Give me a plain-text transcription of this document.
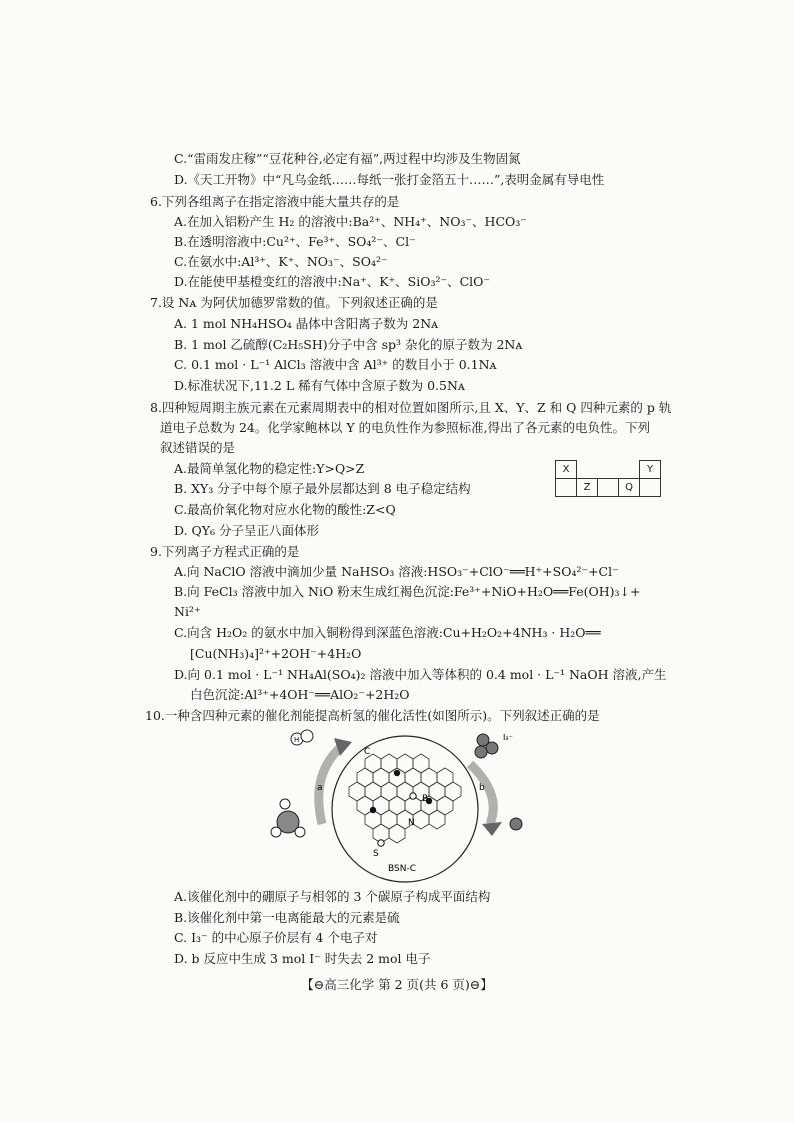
C.“雷雨发庄稼”“豆花种谷,必定有福”,两过程中均涉及生物固氮
D.《天工开物》中“凡乌金纸……每纸一张打金箔五十……”,表明金属有导电性
6.下列各组离子在指定溶液中能大量共存的是
A.在加入铝粉产生 H₂ 的溶液中:Ba²⁺、NH₄⁺、NO₃⁻、HCO₃⁻
B.在透明溶液中:Cu²⁺、Fe³⁺、SO₄²⁻、Cl⁻
C.在氨水中:Al³⁺、K⁺、NO₃⁻、SO₄²⁻
D.在能使甲基橙变红的溶液中:Na⁺、K⁺、SiO₃²⁻、ClO⁻
7.设 Nᴀ 为阿伏加德罗常数的值。下列叙述正确的是
A. 1 mol NH₄HSO₄ 晶体中含阳离子数为 2Nᴀ
B. 1 mol 乙硫醇(C₂H₅SH)分子中含 sp³ 杂化的原子数为 2Nᴀ
C. 0.1 mol · L⁻¹ AlCl₃ 溶液中含 Al³⁺ 的数目小于 0.1Nᴀ
D.标准状况下,11.2 L 稀有气体中含原子数为 0.5Nᴀ
8.四种短周期主族元素在元素周期表中的相对位置如图所示,且 X、Y、Z 和 Q 四种元素的 p 轨
道电子总数为 24。化学家鲍林以 Y 的电负性作为参照标准,得出了各元素的电负性。下列
叙述错误的是
A.最简单氢化物的稳定性:Y>Q>Z
B. XY₃ 分子中每个原子最外层都达到 8 电子稳定结构
C.最高价氧化物对应水化物的酸性:Z<Q
D. QY₆ 分子呈正八面体形
X				Y
	Z		Q	
9.下列离子方程式正确的是
A.向 NaClO 溶液中滴加少量 NaHSO₃ 溶液:HSO₃⁻+ClO⁻══H⁺+SO₄²⁻+Cl⁻
B.向 FeCl₃ 溶液中加入 NiO 粉末生成红褐色沉淀:Fe³⁺+NiO+H₂O══Fe(OH)₃↓+
Ni²⁺
C.向含 H₂O₂ 的氨水中加入铜粉得到深蓝色溶液:Cu+H₂O₂+4NH₃ · H₂O══
[Cu(NH₃)₄]²⁺+2OH⁻+4H₂O
D.向 0.1 mol · L⁻¹ NH₄Al(SO₄)₂ 溶液中加入等体积的 0.4 mol · L⁻¹ NaOH 溶液,产生
白色沉淀:Al³⁺+4OH⁻══AlO₂⁻+2H₂O
10.一种含四种元素的催化剂能提高析氢的催化活性(如图所示)。下列叙述正确的是
C
B
N
S
BSN-C
a	b
H	I₃⁻
A.该催化剂中的硼原子与相邻的 3 个碳原子构成平面结构
B.该催化剂中第一电离能最大的元素是硫
C. I₃⁻ 的中心原子价层有 4 个电子对
D. b 反应中生成 3 mol I⁻ 时失去 2 mol 电子
【⊖高三化学 第 2 页(共 6 页)⊖】
